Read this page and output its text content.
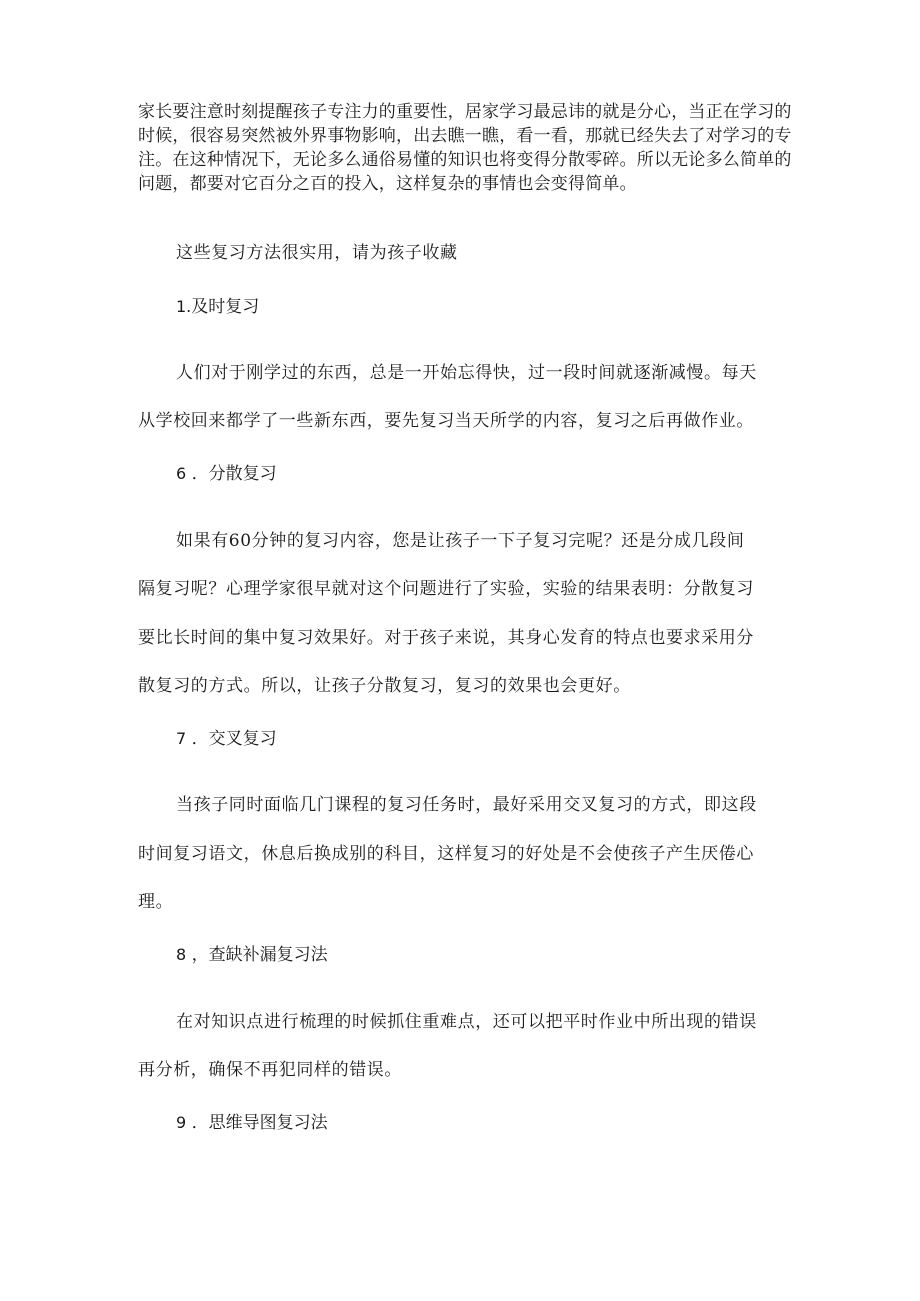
家长要注意时刻提醒孩子专注力的重要性，居家学习最忌讳的就是分心，当正在学习的时候，很容易突然被外界事物影响，出去瞧一瞧，看一看，那就已经失去了对学习的专注。在这种情况下，无论多么通俗易懂的知识也将变得分散零碎。所以无论多么简单的问题，都要对它百分之百的投入，这样复杂的事情也会变得简单。

这些复习方法很实用，请为孩子收藏

1.及时复习

人们对于刚学过的东西，总是一开始忘得快，过一段时间就逐渐减慢。每天

从学校回来都学了一些新东西，要先复习当天所学的内容，复习之后再做作业。

6 ．分散复习

如果有60分钟的复习内容，您是让孩子一下子复习完呢？还是分成几段间

隔复习呢？心理学家很早就对这个问题进行了实验，实验的结果表明：分散复习

要比长时间的集中复习效果好。对于孩子来说，其身心发育的特点也要求采用分

散复习的方式。所以，让孩子分散复习，复习的效果也会更好。

7 ．交叉复习

当孩子同时面临几门课程的复习任务时，最好采用交叉复习的方式，即这段

时间复习语文，休息后换成别的科目，这样复习的好处是不会使孩子产生厌倦心

理。

8 ，查缺补漏复习法

在对知识点进行梳理的时候抓住重难点，还可以把平时作业中所出现的错误

再分析，确保不再犯同样的错误。

9 ．思维导图复习法
